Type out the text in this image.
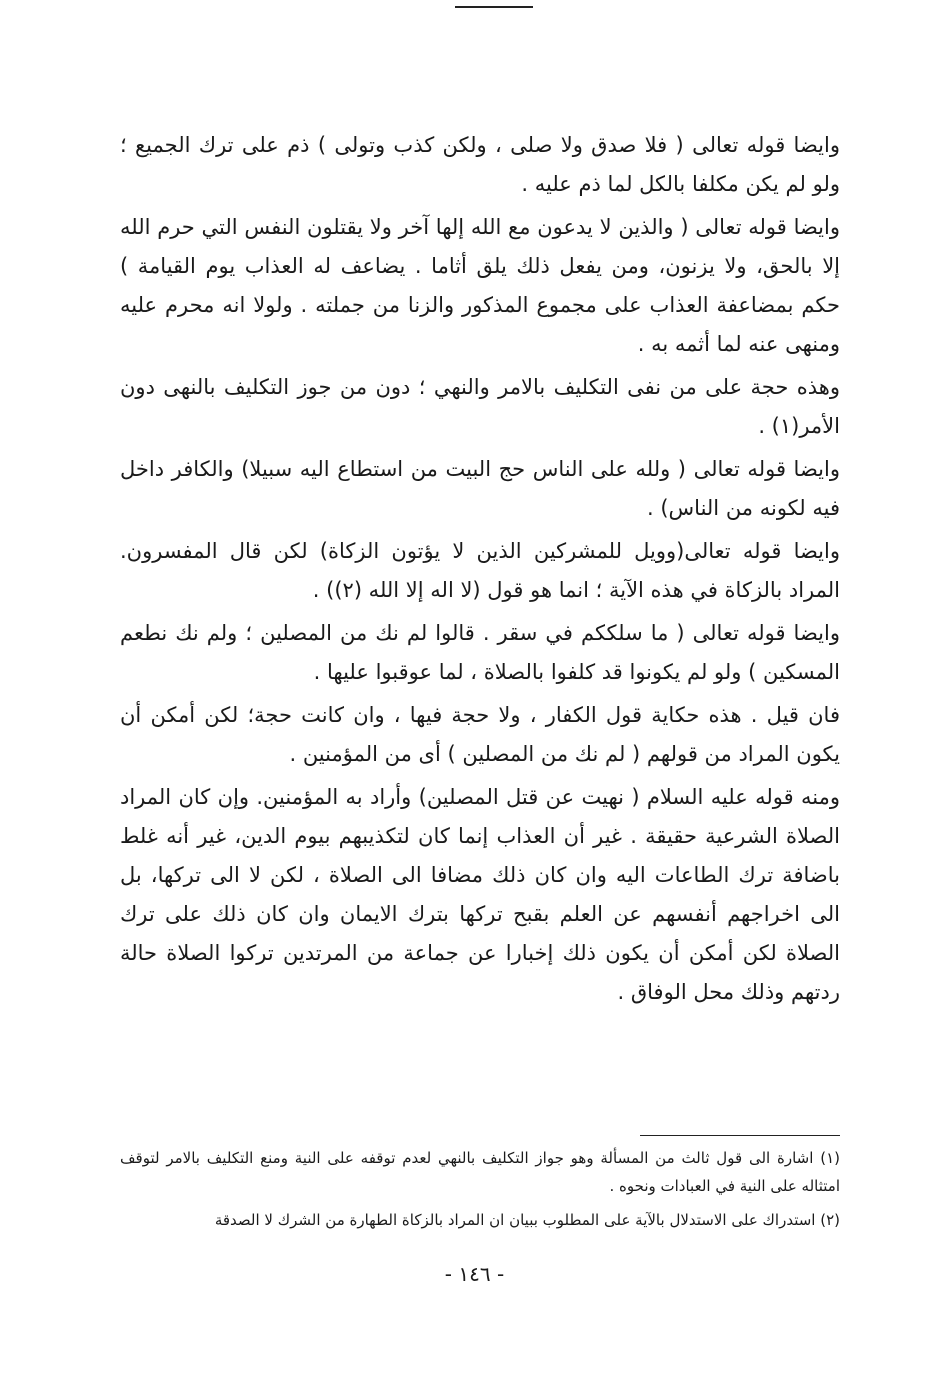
وايضا قوله تعالى ( فلا صدق ولا صلى ، ولكن كذب وتولى ) ذم على ترك الجميع ؛ ولو لم يكن مكلفا بالكل لما ذم عليه .

وايضا قوله تعالى ( والذين لا يدعون مع الله إلها آخر ولا يقتلون النفس التي حرم الله إلا بالحق، ولا يزنون، ومن يفعل ذلك يلق أثاما . يضاعف له العذاب يوم القيامة ) حكم بمضاعفة العذاب على مجموع المذكور والزنا من جملته . ولولا انه محرم عليه ومنهى عنه لما أثمه به .

وهذه حجة على من نفى التكليف بالامر والنهي ؛ دون من جوز التكليف بالنهى دون الأمر(١) .

وايضا قوله تعالى ( ولله على الناس حج البيت من استطاع اليه سبيلا) والكافر داخل فيه لكونه من الناس) .

وايضا قوله تعالى(وويل للمشركين الذين لا يؤتون الزكاة) لكن قال المفسرون. المراد بالزكاة في هذه الآية ؛ انما هو قول (لا اله إلا الله (٢)) .

وايضا قوله تعالى ( ما سلككم في سقر . قالوا لم نك من المصلين ؛ ولم نك نطعم المسكين ) ولو لم يكونوا قد كلفوا بالصلاة ، لما عوقبوا عليها .

فان قيل . هذه حكاية قول الكفار ، ولا حجة فيها ، وان كانت حجة؛ لكن أمكن أن يكون المراد من قولهم ( لم نك من المصلين ) أى من المؤمنين .

ومنه قوله عليه السلام ( نهيت عن قتل المصلين) وأراد به المؤمنين. وإن كان المراد الصلاة الشرعية حقيقة . غير أن العذاب إنما كان لتكذيبهم بيوم الدين، غير أنه غلط باضافة ترك الطاعات اليه وان كان ذلك مضافا الى الصلاة ، لكن لا الى تركها، بل الى اخراجهم أنفسهم عن العلم بقبح تركها بترك الايمان وان كان ذلك على ترك الصلاة لكن أمكن أن يكون ذلك إخبارا عن جماعة من المرتدين تركوا الصلاة حالة ردتهم وذلك محل الوفاق .

(١) اشارة الى قول ثالث من المسألة وهو جواز التكليف بالنهي لعدم توقفه على النية ومنع التكليف بالامر لتوقف امتثاله على النية في العبادات ونحوه .

(٢) استدراك على الاستدلال بالآية على المطلوب ببيان ان المراد بالزكاة الطهارة من الشرك لا الصدقة

- ١٤٦ -
